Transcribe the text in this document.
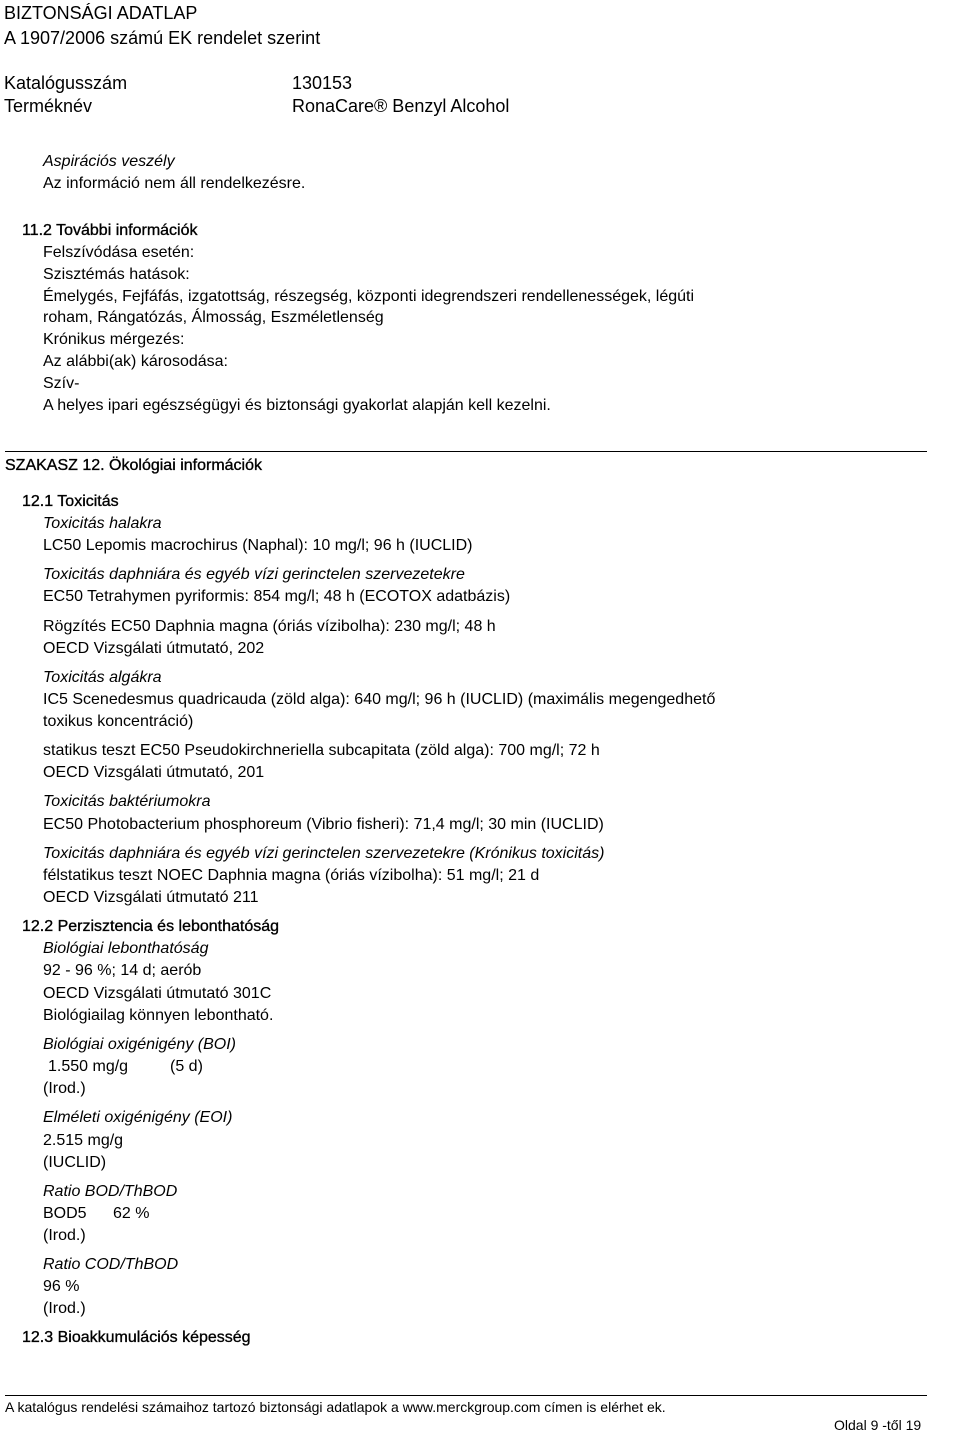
BIZTONSÁGI ADATLAP
A 1907/2006 számú EK rendelet szerint
Katalógusszám	130153
Terméknév	RonaCare® Benzyl Alcohol
Aspirációs veszély
Az információ nem áll rendelkezésre.
11.2 További információk
Felszívódása esetén:
Szisztémás hatások:
Émelygés, Fejfáfás, izgatottság, részegség, központi idegrendszeri rendellenességek, légúti
roham, Rángatózás, Álmosság, Eszméletlenség
Krónikus mérgezés:
Az alábbi(ak) károsodása:
Szív-
A helyes ipari egészségügyi és biztonsági gyakorlat alapján kell kezelni.
SZAKASZ 12. Ökológiai információk
12.1 Toxicitás
Toxicitás halakra
LC50 Lepomis macrochirus (Naphal): 10 mg/l; 96 h (IUCLID)
Toxicitás daphniára és egyéb vízi gerinctelen szervezetekre
EC50 Tetrahymen pyriformis: 854 mg/l; 48 h (ECOTOX adatbázis)
Rögzítés EC50 Daphnia magna (óriás vízibolha): 230 mg/l; 48 h
OECD Vizsgálati útmutató, 202
Toxicitás algákra
IC5 Scenedesmus quadricauda (zöld alga): 640 mg/l; 96 h (IUCLID) (maximális megengedhető
toxikus koncentráció)
statikus teszt EC50 Pseudokirchneriella subcapitata (zöld alga): 700 mg/l; 72 h
OECD Vizsgálati útmutató, 201
Toxicitás baktériumokra
EC50 Photobacterium phosphoreum (Vibrio fisheri): 71,4 mg/l; 30 min (IUCLID)
Toxicitás daphniára és egyéb vízi gerinctelen szervezetekre (Krónikus toxicitás)
félstatikus teszt NOEC Daphnia magna (óriás vízibolha): 51 mg/l; 21 d
OECD Vizsgálati útmutató 211
12.2 Perzisztencia és lebonthatóság
Biológiai lebonthatóság
92 - 96 %; 14 d; aerób
OECD Vizsgálati útmutató 301C
Biológiailag könnyen lebontható.
Biológiai oxigénigény (BOI)
1.550 mg/g	(5 d)
(Irod.)
Elméleti oxigénigény (EOI)
2.515 mg/g
(IUCLID)
Ratio BOD/ThBOD
BOD5 62 %
(Irod.)
Ratio COD/ThBOD
96 %
(Irod.)
12.3 Bioakkumulációs képesség
A katalógus rendelési számaihoz tartozó biztonsági adatlapok a www.merckgroup.com címen is elérhet ek.
Oldal 9 -től 19
